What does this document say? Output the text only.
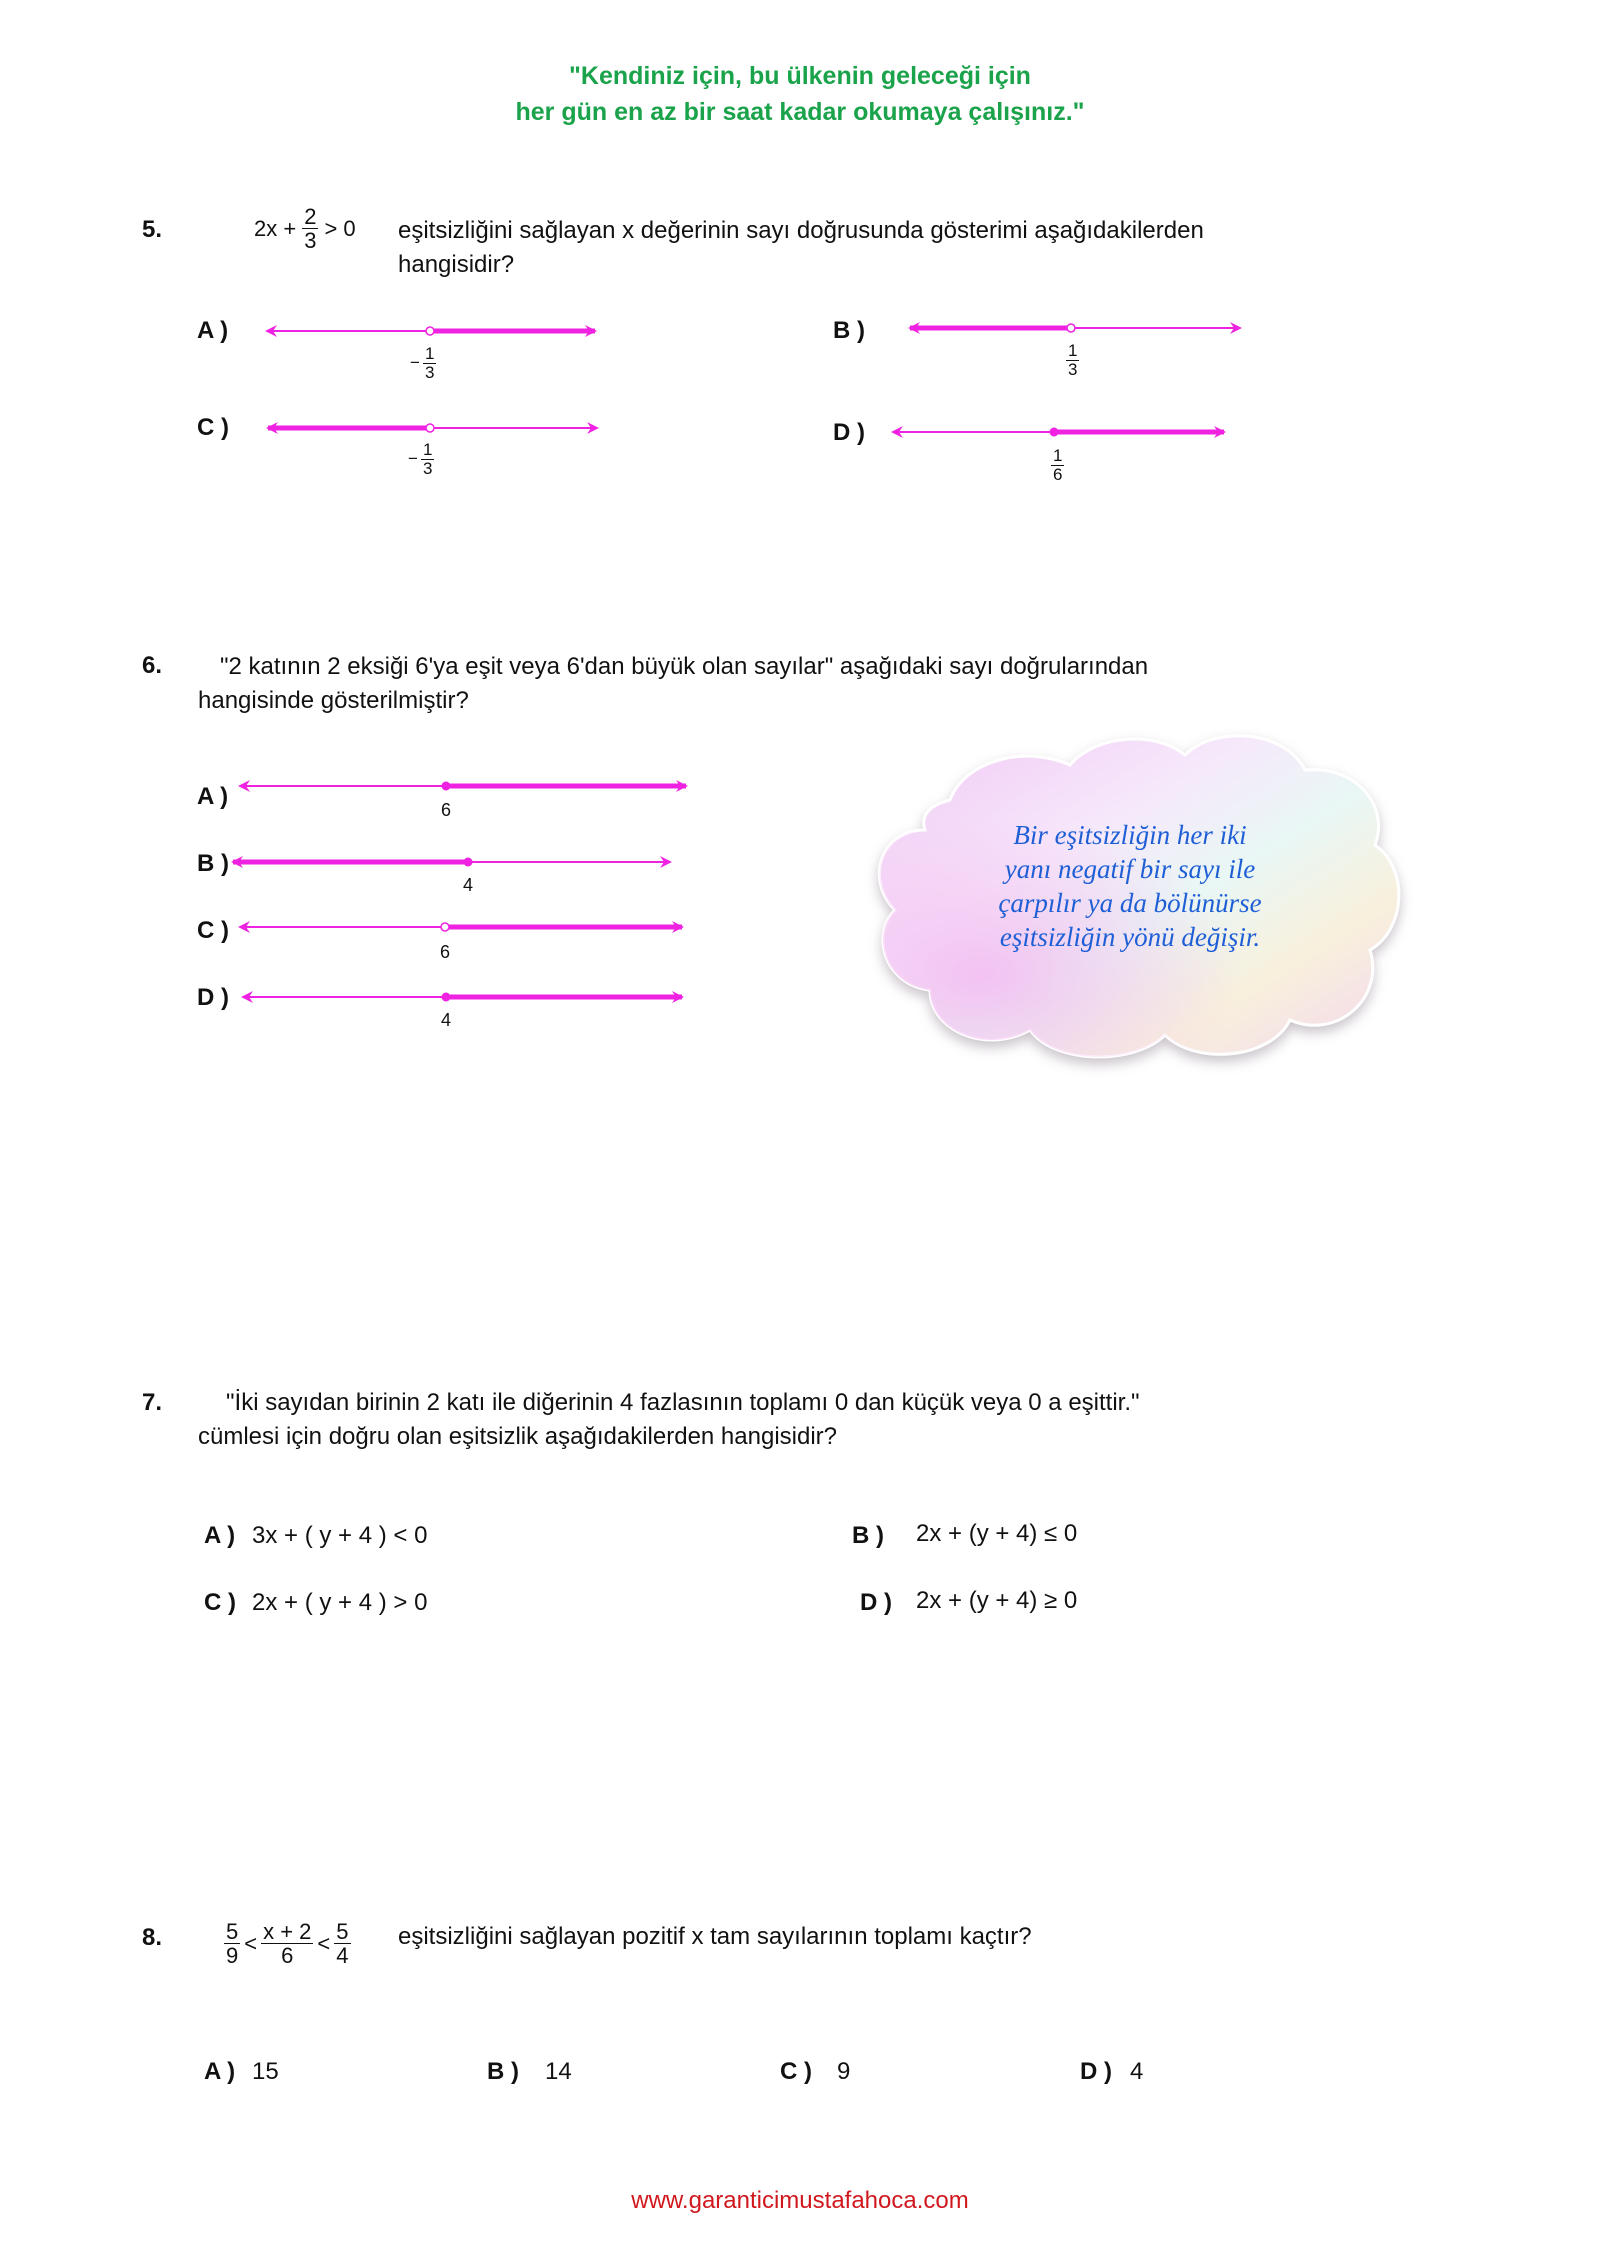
"Kendiniz için, bu ülkenin geleceği için
her gün en az bir saat kadar okumaya çalışınız."
5.	$2x + \frac{2}{3} > 0$ eşitsizliğini sağlayan x değerinin sayı doğrusunda gösterimi aşağıdakilerden
hangisidir?
A )
− $\frac{1}{3}$
B )
$\frac{1}{3}$
C )
− $\frac{1}{3}$
D )
$\frac{1}{6}$
6.	"2 katının 2 eksiği 6'ya eşit veya 6'dan büyük olan sayılar" aşağıdaki sayı doğrularından
hangisinde gösterilmiştir?
A )	6
B )
4
C )
6
D )
4
Bir eşitsizliğin her iki
yanı negatif bir sayı ile
çarpılır ya da bölünürse
eşitsizliğin yönü değişir.
7.	"İki sayıdan birinin 2 katı ile diğerinin 4 fazlasının toplamı 0 dan küçük veya 0 a eşittir."
cümlesi için doğru olan eşitsizlik aşağıdakilerden hangisidir?
A ) 3x + ( y + 4 ) < 0	B ) 2x + (y + 4) ≤ 0
C ) 2x + ( y + 4 ) > 0	D ) 2x + (y + 4) ≥ 0
8.	$\frac{5}{9} < \frac{x + 2}{6} < \frac{5}{4}$ eşitsizliğini sağlayan pozitif x tam sayılarının toplamı kaçtır?
A ) 15	B ) 14	C ) 9	D ) 4
www.garanticimustafahoca.com
